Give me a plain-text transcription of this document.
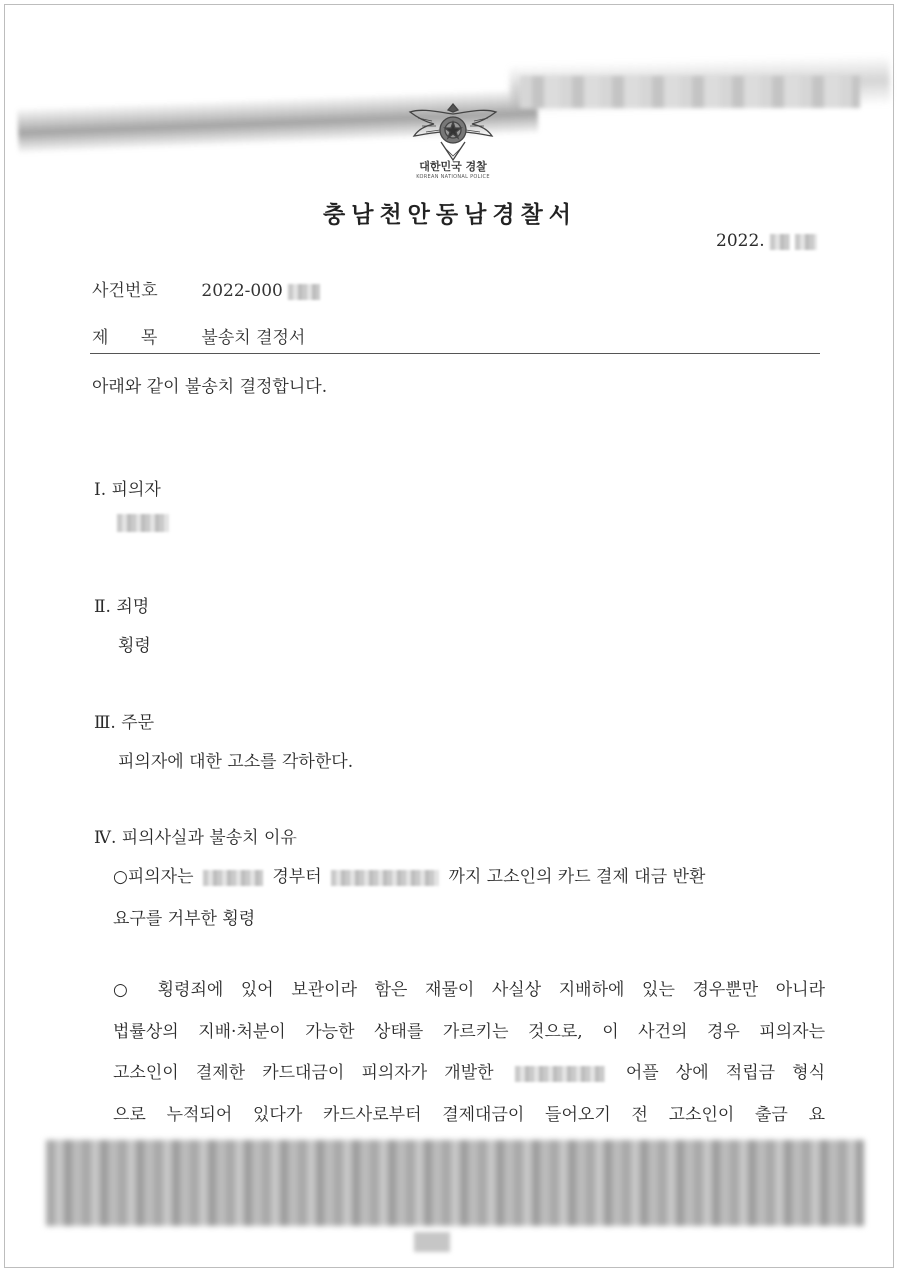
대한민국 경찰
KOREAN NATIONAL POLICE
충남천안동남경찰서
2022.
사건번호	2022-000
제      목	불송치 결정서
아래와 같이 불송치 결정합니다.
Ⅰ. 피의자
Ⅱ. 죄명
횡령
Ⅲ. 주문
피의자에 대한 고소를 각하한다.
Ⅳ. 피의사실과 불송치 이유
○피의자는	경부터	까지 고소인의 카드 결제 대금 반환
요구를 거부한 횡령
○ 횡령죄에 있어 보관이라 함은 재물이 사실상 지배하에 있는 경우뿐만 아니라
법률상의 지배·처분이 가능한 상태를 가르키는 것으로, 이 사건의 경우 피의자는
고소인이 결제한 카드대금이 피의자가 개발한	어플 상에 적립금 형식
으로 누적되어 있다가 카드사로부터 결제대금이 들어오기 전 고소인이 출금 요
